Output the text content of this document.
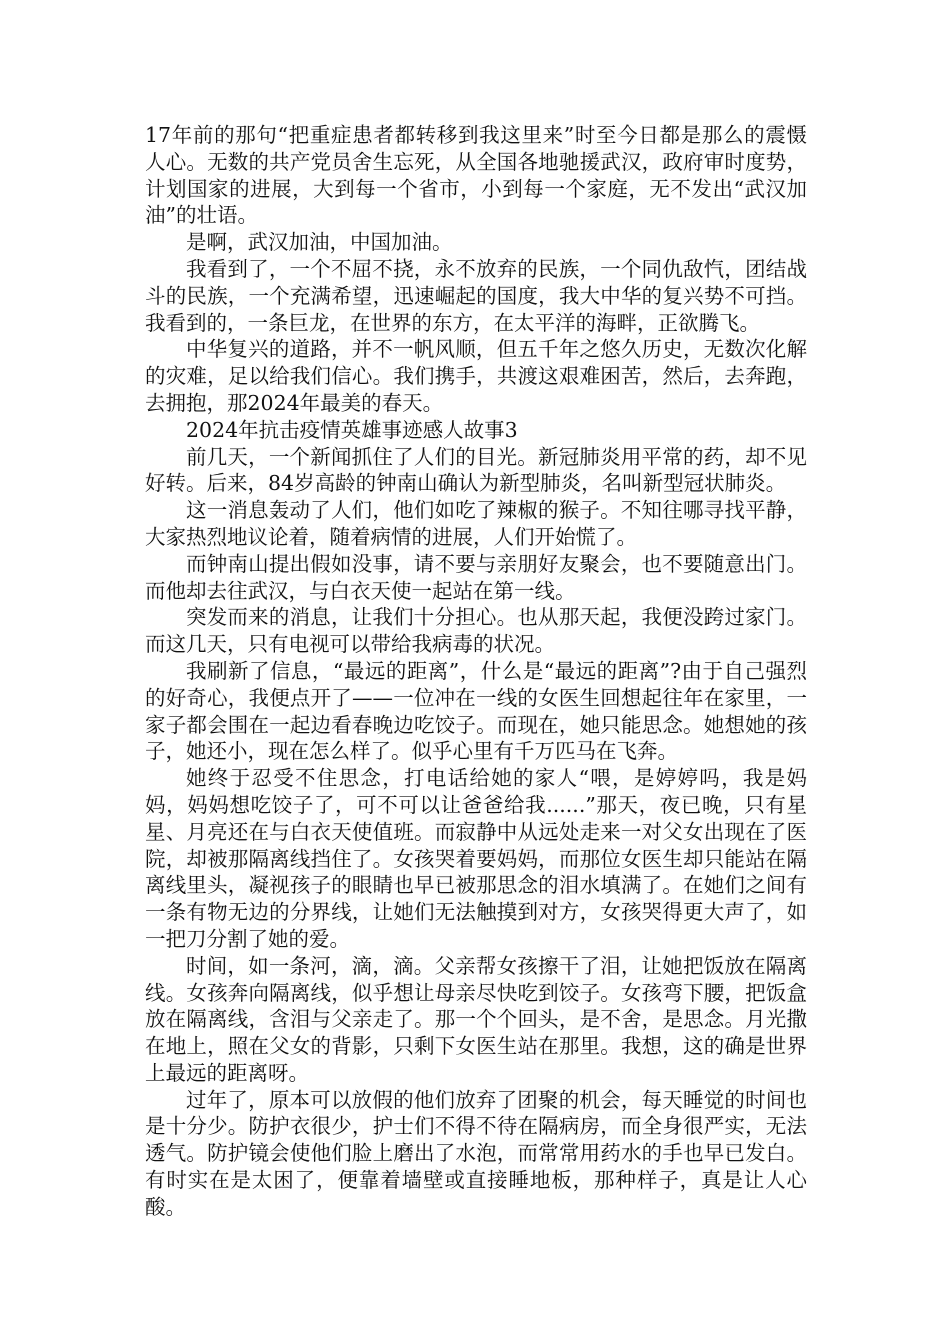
17年前的那句“把重症患者都转移到我这里来”时至今日都是那么的震慑人心。无数的共产党员舍生忘死，从全国各地驰援武汉，政府审时度势，计划国家的进展，大到每一个省市，小到每一个家庭，无不发出“武汉加油”的壮语。

是啊，武汉加油，中国加油。

我看到了，一个不屈不挠，永不放弃的民族，一个同仇敌忾，团结战斗的民族，一个充满希望，迅速崛起的国度，我大中华的复兴势不可挡。我看到的，一条巨龙，在世界的东方，在太平洋的海畔，正欲腾飞。

中华复兴的道路，并不一帆风顺，但五千年之悠久历史，无数次化解的灾难，足以给我们信心。我们携手，共渡这艰难困苦，然后，去奔跑，去拥抱，那2024年最美的春天。

2024年抗击疫情英雄事迹感人故事3

前几天，一个新闻抓住了人们的目光。新冠肺炎用平常的药，却不见好转。后来，84岁高龄的钟南山确认为新型肺炎，名叫新型冠状肺炎。

这一消息轰动了人们，他们如吃了辣椒的猴子。不知往哪寻找平静，大家热烈地议论着，随着病情的进展，人们开始慌了。

而钟南山提出假如没事，请不要与亲朋好友聚会，也不要随意出门。而他却去往武汉，与白衣天使一起站在第一线。

突发而来的消息，让我们十分担心。也从那天起，我便没跨过家门。而这几天，只有电视可以带给我病毒的状况。

我刷新了信息，“最远的距离”，什么是“最远的距离”?由于自己强烈的好奇心，我便点开了——一位冲在一线的女医生回想起往年在家里，一家子都会围在一起边看春晚边吃饺子。而现在，她只能思念。她想她的孩子，她还小，现在怎么样了。似乎心里有千万匹马在飞奔。

她终于忍受不住思念，打电话给她的家人“喂，是婷婷吗，我是妈妈，妈妈想吃饺子了，可不可以让爸爸给我......”那天，夜已晚，只有星星、月亮还在与白衣天使值班。而寂静中从远处走来一对父女出现在了医院，却被那隔离线挡住了。女孩哭着要妈妈，而那位女医生却只能站在隔离线里头，凝视孩子的眼睛也早已被那思念的泪水填满了。在她们之间有一条有物无边的分界线，让她们无法触摸到对方，女孩哭得更大声了，如一把刀分割了她的爱。

时间，如一条河，滴，滴。父亲帮女孩擦干了泪，让她把饭放在隔离线。女孩奔向隔离线，似乎想让母亲尽快吃到饺子。女孩弯下腰，把饭盒放在隔离线，含泪与父亲走了。那一个个回头，是不舍，是思念。月光撒在地上，照在父女的背影，只剩下女医生站在那里。我想，这的确是世界上最远的距离呀。

过年了，原本可以放假的他们放弃了团聚的机会，每天睡觉的时间也是十分少。防护衣很少，护士们不得不待在隔病房，而全身很严实，无法透气。防护镜会使他们脸上磨出了水泡，而常常用药水的手也早已发白。有时实在是太困了，便靠着墙壁或直接睡地板，那种样子，真是让人心酸。
